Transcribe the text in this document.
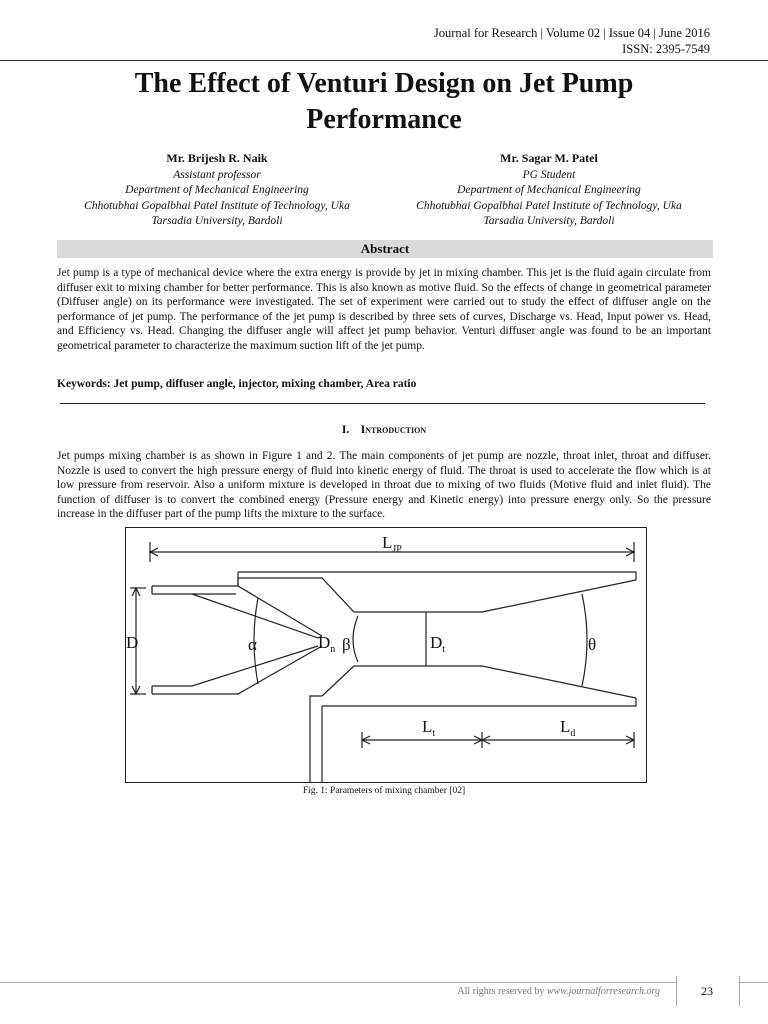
Journal for Research | Volume 02 | Issue 04 | June 2016
ISSN: 2395-7549
The Effect of Venturi Design on Jet Pump
Performance
Mr. Brijesh R. Naik
Assistant professor
Department of Mechanical Engineering
Chhotubhai Gopalbhai Patel Institute of Technology, Uka
Tarsadia University, Bardoli
Mr. Sagar M. Patel
PG Student
Department of Mechanical Engineering
Chhotubhai Gopalbhai Patel Institute of Technology, Uka
Tarsadia University, Bardoli
Abstract
Jet pump is a type of mechanical device where the extra energy is provide by jet in mixing chamber. This jet is the fluid again circulate from diffuser exit to mixing chamber for better performance. This is also known as motive fluid. So the effects of change in geometrical parameter (Diffuser angle) on its performance were investigated. The set of experiment were carried out to study the effect of diffuser angle on the performance of jet pump. The performance of the jet pump is described by three sets of curves, Discharge vs. Head, Input power vs. Head, and Efficiency vs. Head. Changing the diffuser angle will affect jet pump behavior. Venturi diffuser angle was found to be an important geometrical parameter to characterize the maximum suction lift of the jet pump.
Keywords: Jet pump, diffuser angle, injector, mixing chamber, Area ratio
I. Introduction
Jet pumps mixing chamber is as shown in Figure 1 and 2. The main components of jet pump are nozzle, throat inlet, throat and diffuser. Nozzle is used to convert the high pressure energy of fluid into kinetic energy of fluid. The throat is used to accelerate the flow which is at low pressure from reservoir. Also a uniform mixture is developed in throat due to mixing of two fluids (Motive fluid and inlet fluid). The function of diffuser is to convert the combined energy (Pressure energy and Kinetic energy) into pressure energy only. So the pressure increase in the diffuser part of the pump lifts the mixture to the surface.
$L_{JP}$
D	α	$D_n$ β	$D_t$	θ
$L_t$	$L_d$
Fig. 1: Parameters of mixing chamber [02]
All rights reserved by www.journalforresearch.org	23
